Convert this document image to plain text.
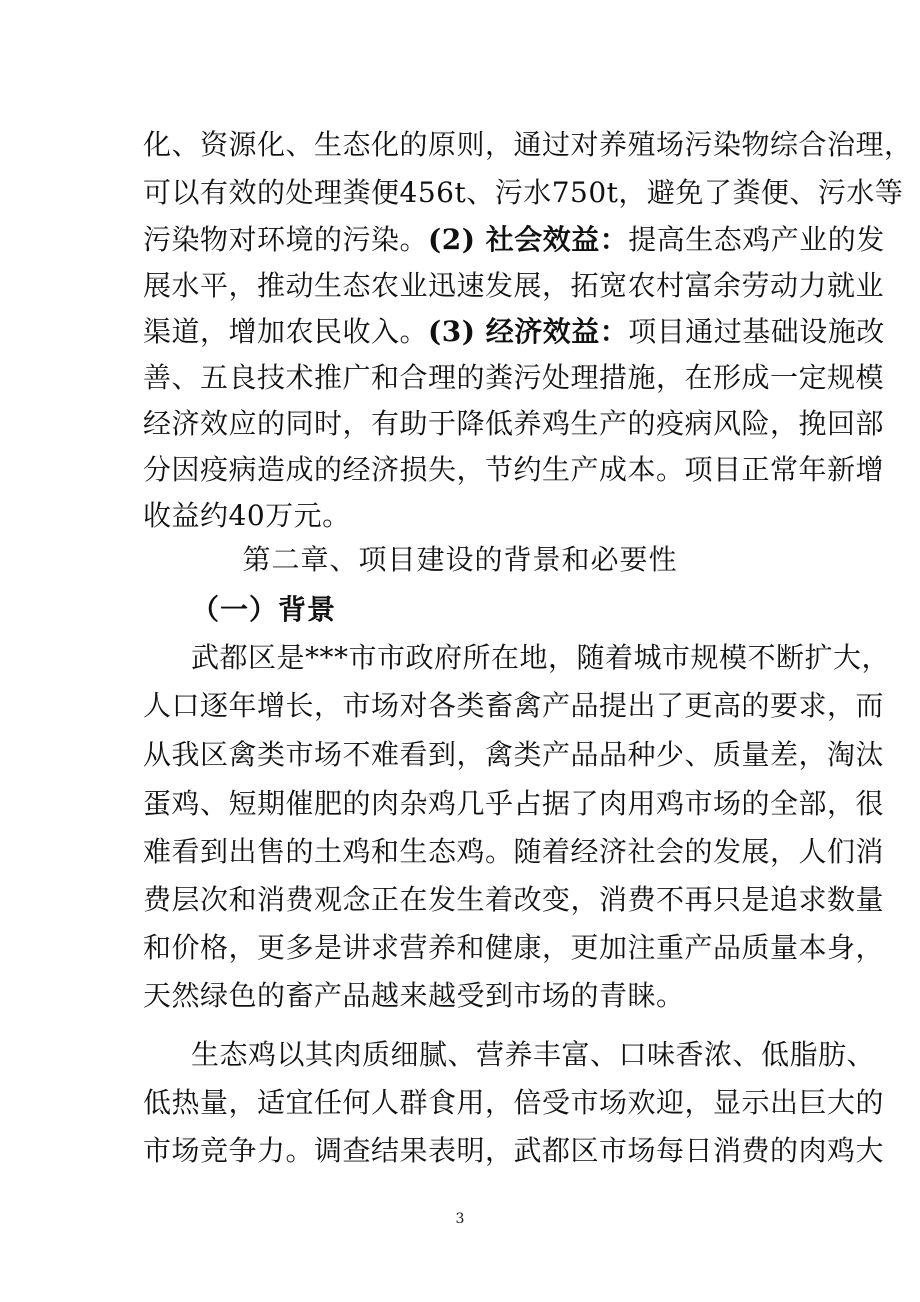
化、资源化、生态化的原则，通过对养殖场污染物综合治理，
可以有效的处理粪便456t、污水750t，避免了粪便、污水等
污染物对环境的污染。(2) 社会效益：提高生态鸡产业的发
展水平，推动生态农业迅速发展，拓宽农村富余劳动力就业
渠道，增加农民收入。(3) 经济效益：项目通过基础设施改
善、五良技术推广和合理的粪污处理措施，在形成一定规模
经济效应的同时，有助于降低养鸡生产的疫病风险，挽回部
分因疫病造成的经济损失，节约生产成本。项目正常年新增
收益约40万元。
第二章、项目建设的背景和必要性
（一）背景
武都区是***市市政府所在地，随着城市规模不断扩大，
人口逐年增长，市场对各类畜禽产品提出了更高的要求，而
从我区禽类市场不难看到，禽类产品品种少、质量差，淘汰
蛋鸡、短期催肥的肉杂鸡几乎占据了肉用鸡市场的全部，很
难看到出售的土鸡和生态鸡。随着经济社会的发展，人们消
费层次和消费观念正在发生着改变，消费不再只是追求数量
和价格，更多是讲求营养和健康，更加注重产品质量本身，
天然绿色的畜产品越来越受到市场的青睐。
生态鸡以其肉质细腻、营养丰富、口味香浓、低脂肪、
低热量，适宜任何人群食用，倍受市场欢迎，显示出巨大的
市场竞争力。调查结果表明，武都区市场每日消费的肉鸡大
3
